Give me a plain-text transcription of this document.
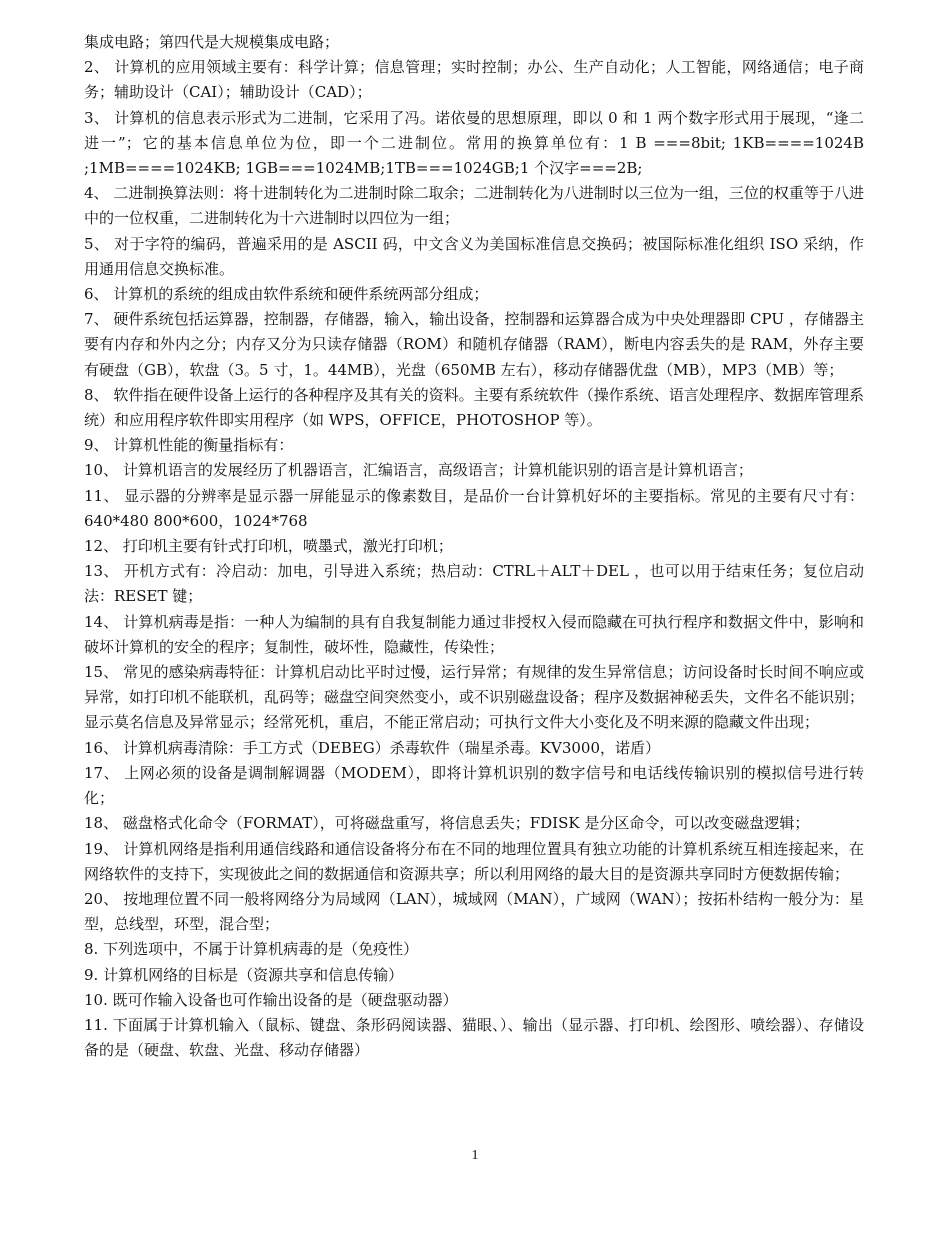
集成电路；第四代是大规模集成电路；

2、 计算机的应用领域主要有：科学计算；信息管理；实时控制；办公、生产自动化；人工智能，网络通信；电子商务；辅助设计（CAI）；辅助设计（CAD）；

3、 计算机的信息表示形式为二进制，它采用了冯。诺依曼的思想原理，即以 0 和 1 两个数字形式用于展现，“逢二进一”；它的基本信息单位为位，即一个二进制位。常用的换算单位有：1 B ===8bit; 1KB====1024B ;1MB====1024KB; 1GB===1024MB;1TB===1024GB;1 个汉字===2B;

4、 二进制换算法则：将十进制转化为二进制时除二取余；二进制转化为八进制时以三位为一组，三位的权重等于八进中的一位权重，二进制转化为十六进制时以四位为一组；

5、 对于字符的编码，普遍采用的是 ASCII 码，中文含义为美国标准信息交换码；被国际标准化组织 ISO 采纳，作用通用信息交换标准。

6、 计算机的系统的组成由软件系统和硬件系统两部分组成；

7、 硬件系统包括运算器，控制器，存储器，输入，输出设备，控制器和运算器合成为中央处理器即 CPU ，存储器主要有内存和外内之分；内存又分为只读存储器（ROM）和随机存储器（RAM），断电内容丢失的是 RAM，外存主要有硬盘（GB），软盘（3。5 寸，1。44MB），光盘（650MB 左右），移动存储器优盘（MB），MP3（MB）等；

8、 软件指在硬件设备上运行的各种程序及其有关的资料。主要有系统软件（操作系统、语言处理程序、数据库管理系统）和应用程序软件即实用程序（如 WPS，OFFICE，PHOTOSHOP 等）。

9、 计算机性能的衡量指标有：

10、 计算机语言的发展经历了机器语言，汇编语言，高级语言；计算机能识别的语言是计算机语言；

11、 显示器的分辨率是显示器一屏能显示的像素数目，是品价一台计算机好坏的主要指标。常见的主要有尺寸有：640*480 800*600，1024*768

12、 打印机主要有针式打印机，喷墨式，激光打印机；

13、 开机方式有：冷启动：加电，引导进入系统；热启动：CTRL＋ALT＋DEL ，也可以用于结束任务；复位启动法：RESET 键；

14、 计算机病毒是指：一种人为编制的具有自我复制能力通过非授权入侵而隐藏在可执行程序和数据文件中，影响和破坏计算机的安全的程序；复制性，破坏性，隐藏性，传染性；

15、 常见的感染病毒特征：计算机启动比平时过慢，运行异常；有规律的发生异常信息；访问设备时长时间不响应或异常，如打印机不能联机，乱码等；磁盘空间突然变小，或不识别磁盘设备；程序及数据神秘丢失，文件名不能识别；显示莫名信息及异常显示；经常死机，重启，不能正常启动；可执行文件大小变化及不明来源的隐藏文件出现；

16、 计算机病毒清除：手工方式（DEBEG）杀毒软件（瑞星杀毒。KV3000，诺盾）

17、 上网必须的设备是调制解调器（MODEM），即将计算机识别的数字信号和电话线传输识别的模拟信号进行转化；

18、 磁盘格式化命令（FORMAT），可将磁盘重写，将信息丢失；FDISK 是分区命令，可以改变磁盘逻辑；

19、 计算机网络是指利用通信线路和通信设备将分布在不同的地理位置具有独立功能的计算机系统互相连接起来，在网络软件的支持下，实现彼此之间的数据通信和资源共享；所以利用网络的最大目的是资源共享同时方便数据传输；

20、 按地理位置不同一般将网络分为局域网（LAN），城域网（MAN），广域网（WAN）；按拓朴结构一般分为：星型，总线型，环型，混合型；

8. 下列选项中，不属于计算机病毒的是（免疫性）

9. 计算机网络的目标是（资源共享和信息传输）

10. 既可作输入设备也可作输出设备的是（硬盘驱动器）

11. 下面属于计算机输入（鼠标、键盘、条形码阅读器、猫眼、）、输出（显示器、打印机、绘图形、喷绘器）、存储设备的是（硬盘、软盘、光盘、移动存储器）

1
